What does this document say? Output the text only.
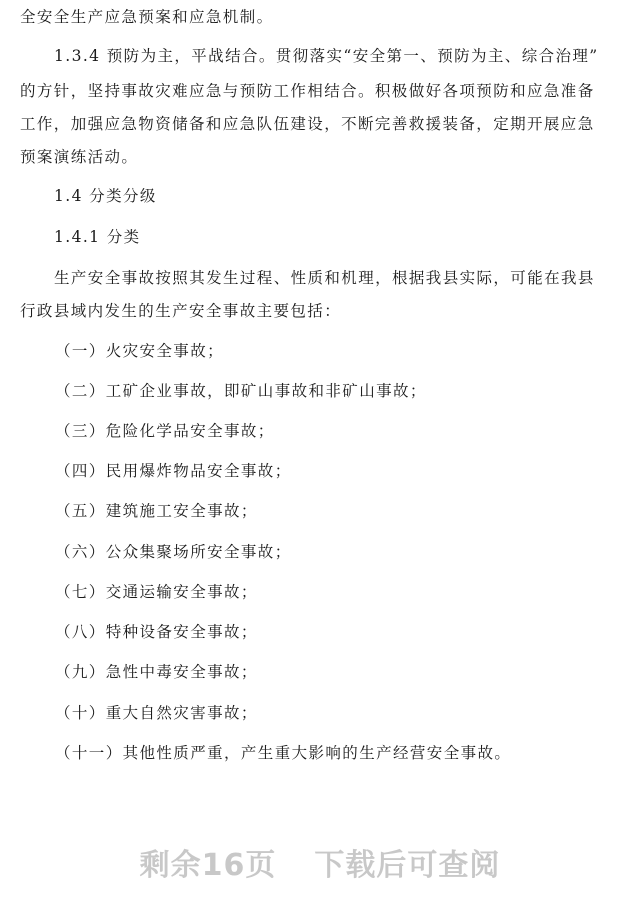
全安全生产应急预案和应急机制。
1.3.4 预防为主，平战结合。贯彻落实“安全第一、预防为主、综合治理”
的方针，坚持事故灾难应急与预防工作相结合。积极做好各项预防和应急准备
工作，加强应急物资储备和应急队伍建设，不断完善救援装备，定期开展应急
预案演练活动。
1.4 分类分级
1.4.1 分类
生产安全事故按照其发生过程、性质和机理，根据我县实际，可能在我县
行政县域内发生的生产安全事故主要包括：
（一）火灾安全事故；
（二）工矿企业事故，即矿山事故和非矿山事故；
（三）危险化学品安全事故；
（四）民用爆炸物品安全事故；
（五）建筑施工安全事故；
（六）公众集聚场所安全事故；
（七）交通运输安全事故；
（八）特种设备安全事故；
（九）急性中毒安全事故；
（十）重大自然灾害事故；
（十一）其他性质严重，产生重大影响的生产经营安全事故。
剩余16页 下载后可查阅
